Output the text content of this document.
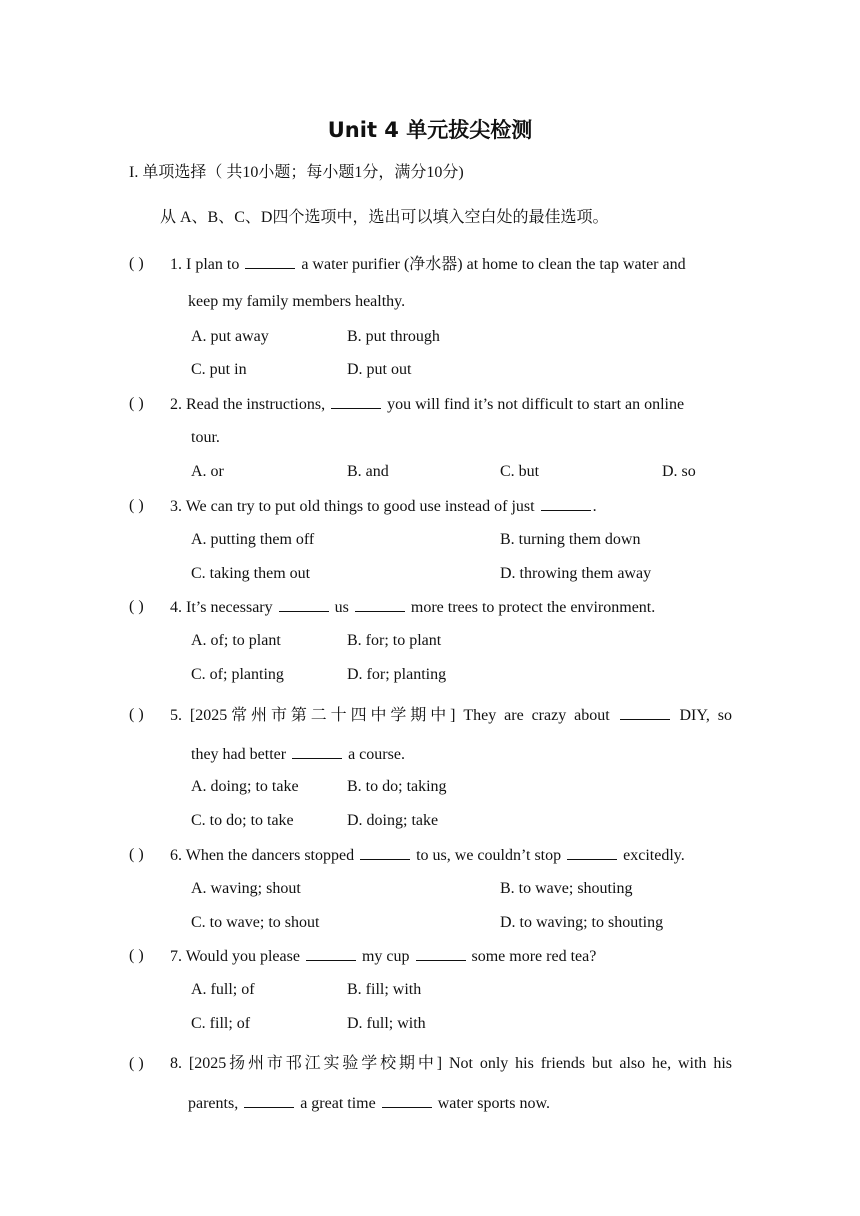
Unit 4 单元拔尖检测
I. 单项选择（ 共10小题；每小题1分，满分10分)
从 A、B、C、D四个选项中，选出可以填入空白处的最佳选项。
( ) 1. I plan to	a water purifier (净水器) at home to clean the tap water and
keep my family members healthy.
A. put away	B. put through
C. put in	D. put out
( ) 2. Read the instructions,	you will find it’s not difficult to start an online
tour.
A. or	B. and	C. but	D. so
( ) 3. We can try to put old things to good use instead of just	.
A. putting them off	B. turning them down
C. taking them out	D. throwing them away
( ) 4. It’s necessary	us	more trees to protect the environment.
A. of; to plant	B. for; to plant
C. of; planting	D. for; planting
( ) 5. [2025常州市第二十四中学期中] They are crazy about	DIY, so
they had better	a course.
A. doing; to take	B. to do; taking
C. to do; to take	D. doing; take
( ) 6. When the dancers stopped	to us, we couldn’t stop	excitedly.
A. waving; shout	B. to wave; shouting
C. to wave; to shout	D. to waving; to shouting
( ) 7. Would you please	my cup	some more red tea?
A. full; of	B. fill; with
C. fill; of	D. full; with
( ) 8. [2025扬州市邗江实验学校期中] Not only his friends but also he, with his
parents,	a great time	water sports now.
